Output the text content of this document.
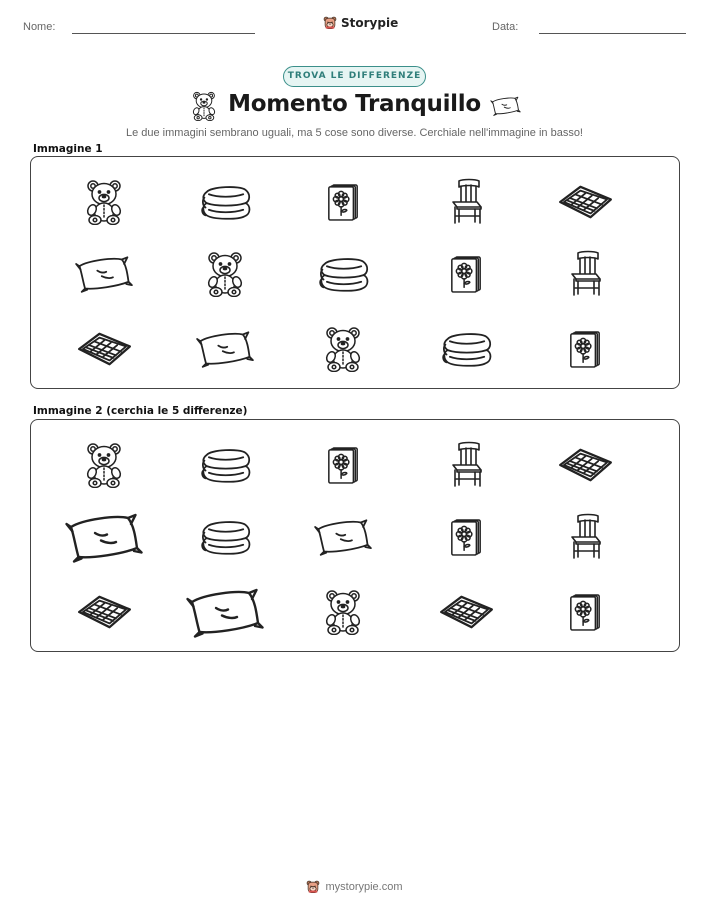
Nome:	Storypie	Data:
TROVA LE DIFFERENZE
Momento Tranquillo
Le due immagini sembrano uguali, ma 5 cose sono diverse. Cerchiale nell'immagine in basso!
Immagine 1
Immagine 2 (cerchia le 5 differenze)
mystorypie.com
